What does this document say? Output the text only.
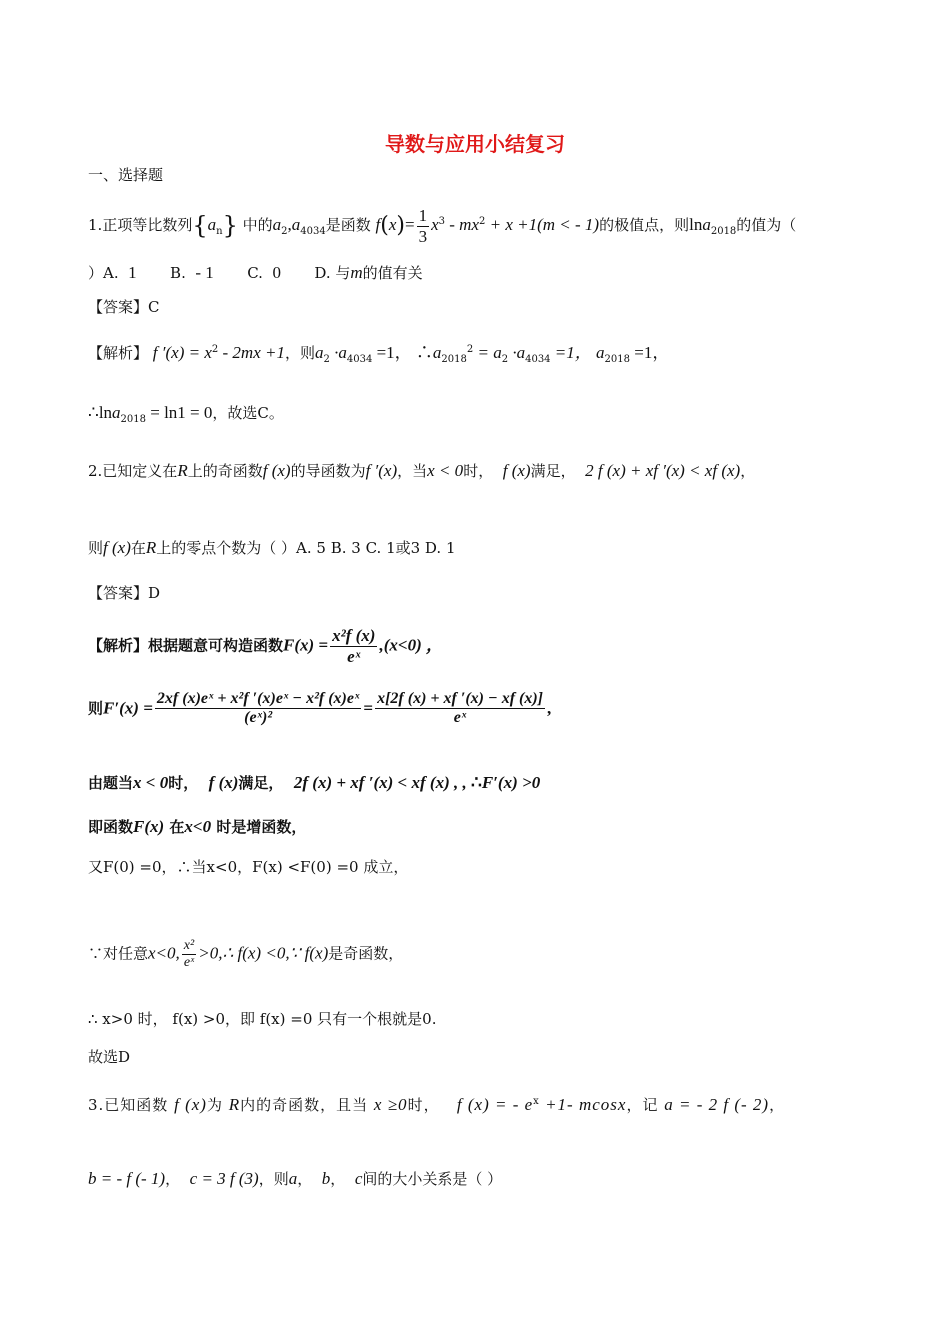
导数与应用小结复习
一、选择题
1.正项等比数列$\{a_n\}$ 中的$a_2,a_{4034}$是函数 $f(x)= \frac{1}{3} x^3 - mx^2 + x +1(m$ < - 1)的极值点，则lna$_{2018}$的值为（
）A. 1 B. - 1 C. 0 D. 与m的值有关
【答案】C
【解析】 f $'(x) = x^2 - 2mx +1$，则$a_2 \cdot a_{4034} =1$， $\therefore a_{2018}^2 = a_2 \cdot a_{4034} =1$， $a_{2018} =1$，
∴lna$_{2018}$ = ln1 = 0，故选C。
2.已知定义在R上的奇函数f (x)的导函数为f ′(x)，当x < 0时， f (x)满足， 2 f (x) + xf ′(x) < xf (x)，
则f (x)在R上的零点个数为（ ）A. 5 B. 3 C. 1或3 D. 1
【答案】D
【解析】根据题意可构造函数$F(x) = \frac{\text{x²f (x)}}{\text{eˣ}} ,(x<0)$ ，
则$F'(x) = \frac{\text{2xf (x)eˣ + x²f ′(x)eˣ − x²f (x)eˣ}}{\text{(eˣ)²}} = \frac{x[2f (x) + xf '(x) - xf (x)]}{\text{eˣ}}$ ,
由题当x < 0时， f (x)满足， 2f (x) + xf ′(x) < xf (x) , , ∴F′(x) >0
即函数F(x) 在x<0 时是增函数，
又F(0) =0，∴当x<0，F(x) <F(0) =0 成立，
∵对任意x<0, $\frac{\text{x²}}{\text{eˣ}}$ >0,∴ f(x) <0,∵ f(x)是奇函数，
∴ x>0 时， f(x) >0，即 f(x) =0 只有一个根就是0.
故选D
3.已知函数 f (x)为 R内的奇函数，且当 x ≥0时， f (x) = - $e^x +1-$ mcosx，记 a = - 2 f (- 2)，
b = - f (- 1)， c = 3 f (3)，则a， b， c间的大小关系是（ ）
